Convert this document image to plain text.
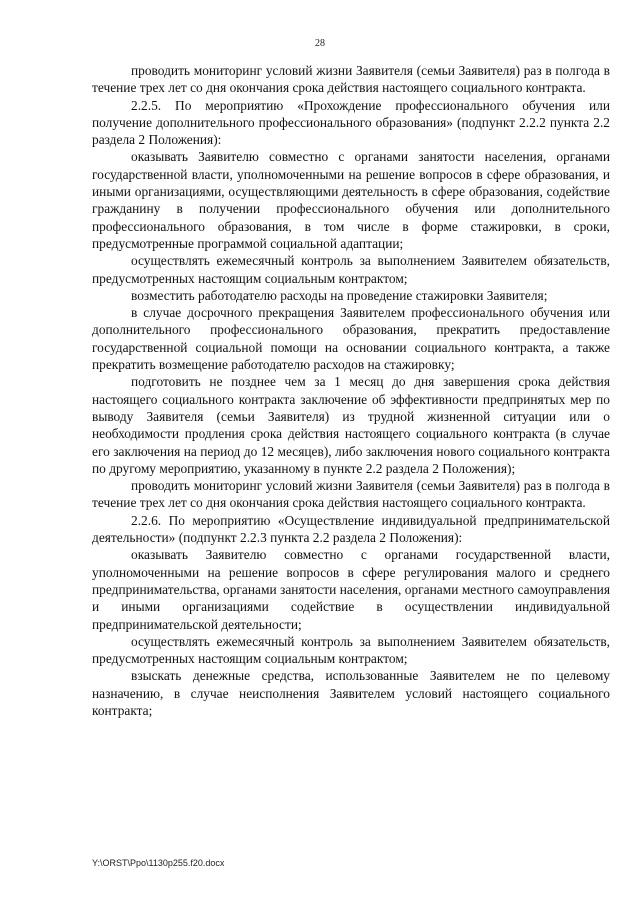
28

проводить мониторинг условий жизни Заявителя (семьи Заявителя) раз в полгода в течение трех лет со дня окончания срока действия настоящего социального контракта.

2.2.5. По мероприятию «Прохождение профессионального обучения или получение дополнительного профессионального образования» (подпункт 2.2.2 пункта 2.2 раздела 2 Положения):

оказывать Заявителю совместно с органами занятости населения, органами государственной власти, уполномоченными на решение вопросов в сфере образования, и иными организациями, осуществляющими деятельность в сфере образования, содействие гражданину в получении профессионального обучения или дополнительного профессионального образования, в том числе в форме стажировки, в сроки, предусмотренные программой социальной адаптации;

осуществлять ежемесячный контроль за выполнением Заявителем обязательств, предусмотренных настоящим социальным контрактом;

возместить работодателю расходы на проведение стажировки Заявителя;

в случае досрочного прекращения Заявителем профессионального обучения или дополнительного профессионального образования, прекратить предоставление государственной социальной помощи на основании социального контракта, а также прекратить возмещение работодателю расходов на стажировку;

подготовить не позднее чем за 1 месяц до дня завершения срока действия настоящего социального контракта заключение об эффективности предпринятых мер по выводу Заявителя (семьи Заявителя) из трудной жизненной ситуации или о необходимости продления срока действия настоящего социального контракта (в случае его заключения на период до 12 месяцев), либо заключения нового социального контракта по другому мероприятию, указанному в пункте 2.2 раздела 2 Положения);

проводить мониторинг условий жизни Заявителя (семьи Заявителя) раз в полгода в течение трех лет со дня окончания срока действия настоящего социального контракта.

2.2.6. По мероприятию «Осуществление индивидуальной предпринимательской деятельности» (подпункт 2.2.3 пункта 2.2 раздела 2 Положения):

оказывать Заявителю совместно с органами государственной власти, уполномоченными на решение вопросов в сфере регулирования малого и среднего предпринимательства, органами занятости населения, органами местного самоуправления и иными организациями содействие в осуществлении индивидуальной предпринимательской деятельности;

осуществлять ежемесячный контроль за выполнением Заявителем обязательств, предусмотренных настоящим социальным контрактом;

взыскать денежные средства, использованные Заявителем не по целевому назначению, в случае неисполнения Заявителем условий настоящего социального контракта;

Y:\ORST\Ppo\1130p255.f20.docx
